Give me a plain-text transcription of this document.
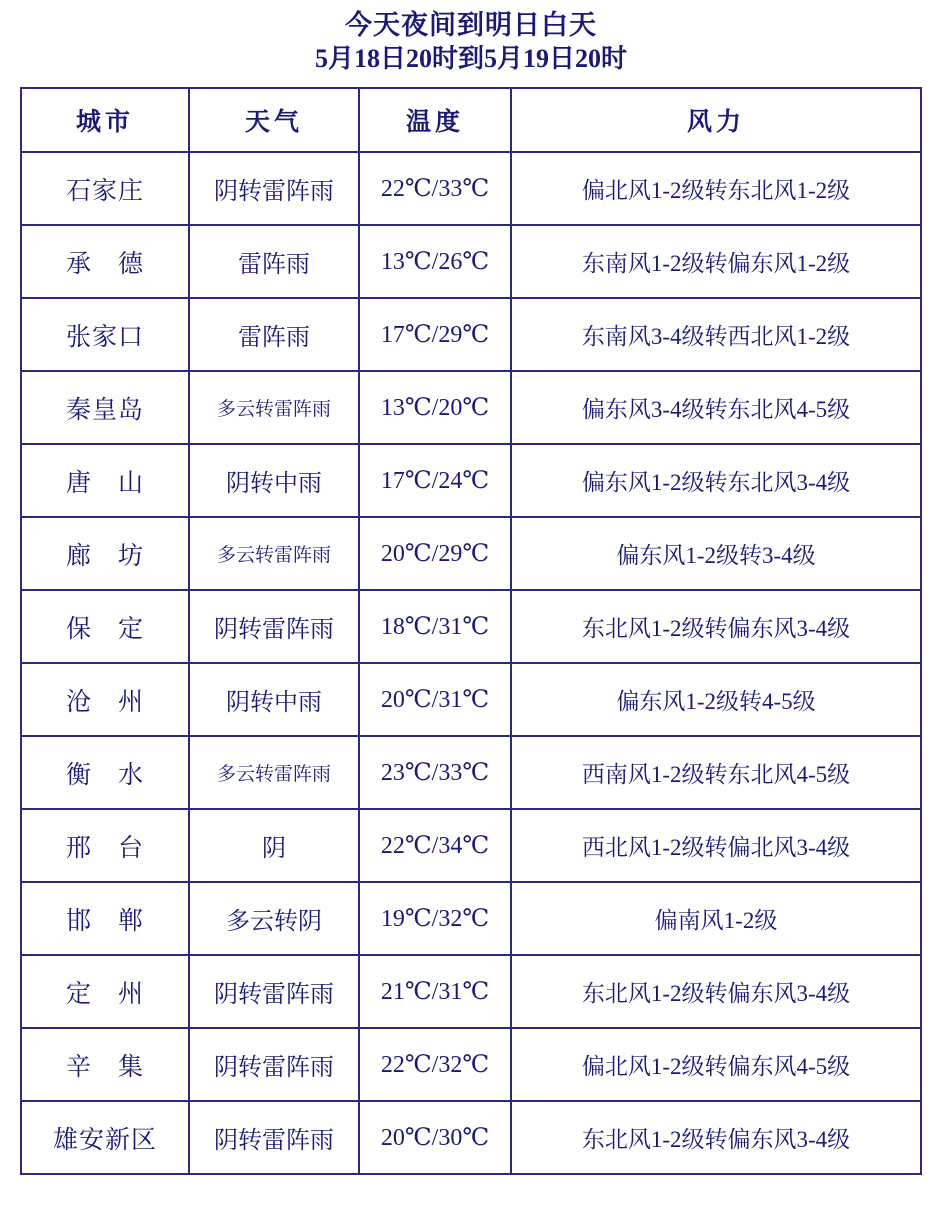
今天夜间到明日白天
5月18日20时到5月19日20时
城市	天气	温度	风力
石家庄	阴转雷阵雨	22℃/33℃	偏北风1-2级转东北风1-2级
承　德	雷阵雨	13℃/26℃	东南风1-2级转偏东风1-2级
张家口	雷阵雨	17℃/29℃	东南风3-4级转西北风1-2级
秦皇岛	多云转雷阵雨	13℃/20℃	偏东风3-4级转东北风4-5级
唐　山	阴转中雨	17℃/24℃	偏东风1-2级转东北风3-4级
廊　坊	多云转雷阵雨	20℃/29℃	偏东风1-2级转3-4级
保　定	阴转雷阵雨	18℃/31℃	东北风1-2级转偏东风3-4级
沧　州	阴转中雨	20℃/31℃	偏东风1-2级转4-5级
衡　水	多云转雷阵雨	23℃/33℃	西南风1-2级转东北风4-5级
邢　台	阴	22℃/34℃	西北风1-2级转偏北风3-4级
邯　郸	多云转阴	19℃/32℃	偏南风1-2级
定　州	阴转雷阵雨	21℃/31℃	东北风1-2级转偏东风3-4级
辛　集	阴转雷阵雨	22℃/32℃	偏北风1-2级转偏东风4-5级
雄安新区	阴转雷阵雨	20℃/30℃	东北风1-2级转偏东风3-4级
